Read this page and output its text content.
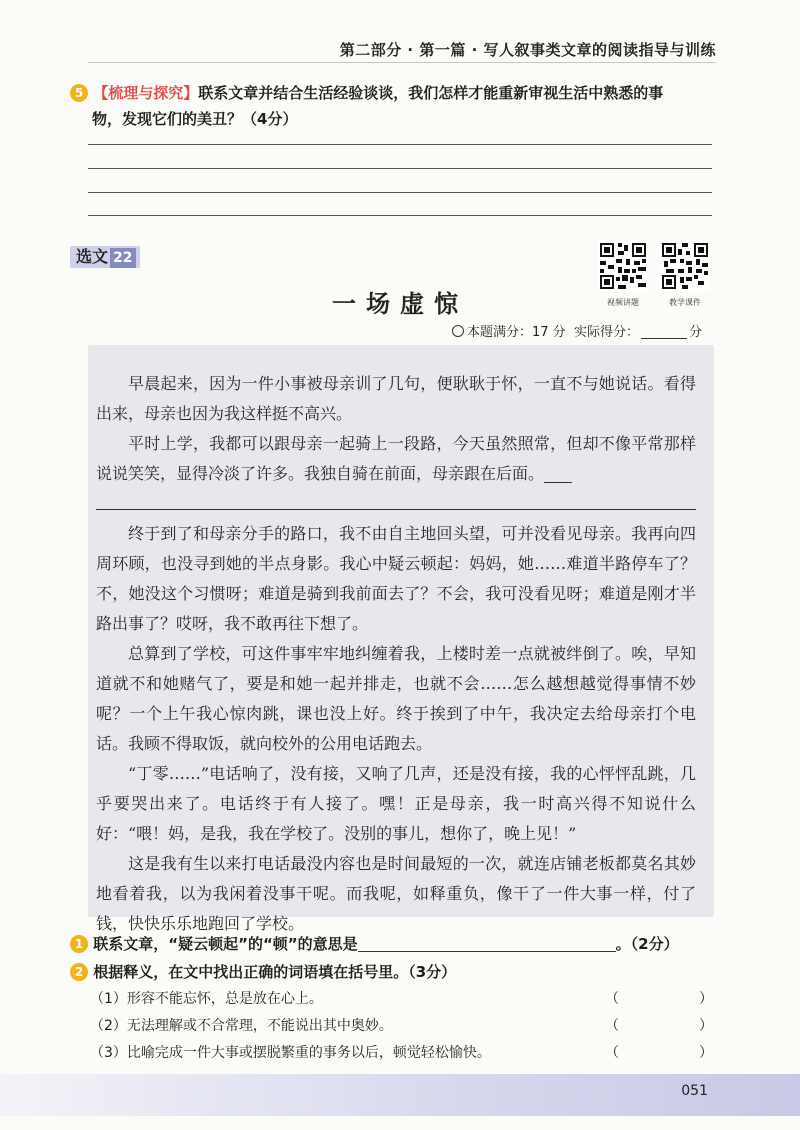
第二部分 · 第一篇 · 写人叙事类文章的阅读指导与训练
5 【梳理与探究】联系文章并结合生活经验谈谈，我们怎样才能重新审视生活中熟悉的事
物，发现它们的美丑？（4分）
选文 22
视频讲题	教学课件
一场虚惊
本题满分：17 分 实际得分：	分

早晨起来，因为一件小事被母亲训了几句，便耿耿于怀，一直不与她说话。看得出来，母亲也因为我这样挺不高兴。

平时上学，我都可以跟母亲一起骑上一段路，今天虽然照常，但却不像平常那样说说笑笑，显得冷淡了许多。我独自骑在前面，母亲跟在后面。

终于到了和母亲分手的路口，我不由自主地回头望，可并没看见母亲。我再向四周环顾，也没寻到她的半点身影。我心中疑云顿起：妈妈，她……难道半路停车了？不，她没这个习惯呀；难道是骑到我前面去了？不会，我可没看见呀；难道是刚才半路出事了？哎呀，我不敢再往下想了。

总算到了学校，可这件事牢牢地纠缠着我，上楼时差一点就被绊倒了。唉，早知道就不和她赌气了，要是和她一起并排走，也就不会……怎么越想越觉得事情不妙呢？一个上午我心惊肉跳，课也没上好。终于挨到了中午，我决定去给母亲打个电话。我顾不得取饭，就向校外的公用电话跑去。

“丁零……”电话响了，没有接，又响了几声，还是没有接，我的心怦怦乱跳，几乎要哭出来了。电话终于有人接了。嘿！正是母亲，我一时高兴得不知说什么好：“喂！妈，是我，我在学校了。没别的事儿，想你了，晚上见！”

这是我有生以来打电话最没内容也是时间最短的一次，就连店铺老板都莫名其妙地看着我，以为我闲着没事干呢。而我呢，如释重负，像干了一件大事一样，付了钱，快快乐乐地跑回了学校。

1 联系文章，“疑云顿起”的“顿”的意思是	。（2分）
2 根据释义，在文中找出正确的词语填在括号里。（3分）
（1）形容不能忘怀，总是放在心上。	（	）
（2）无法理解或不合常理，不能说出其中奥妙。	（	）
（3）比喻完成一件大事或摆脱繁重的事务以后，顿觉轻松愉快。	（	）
051
